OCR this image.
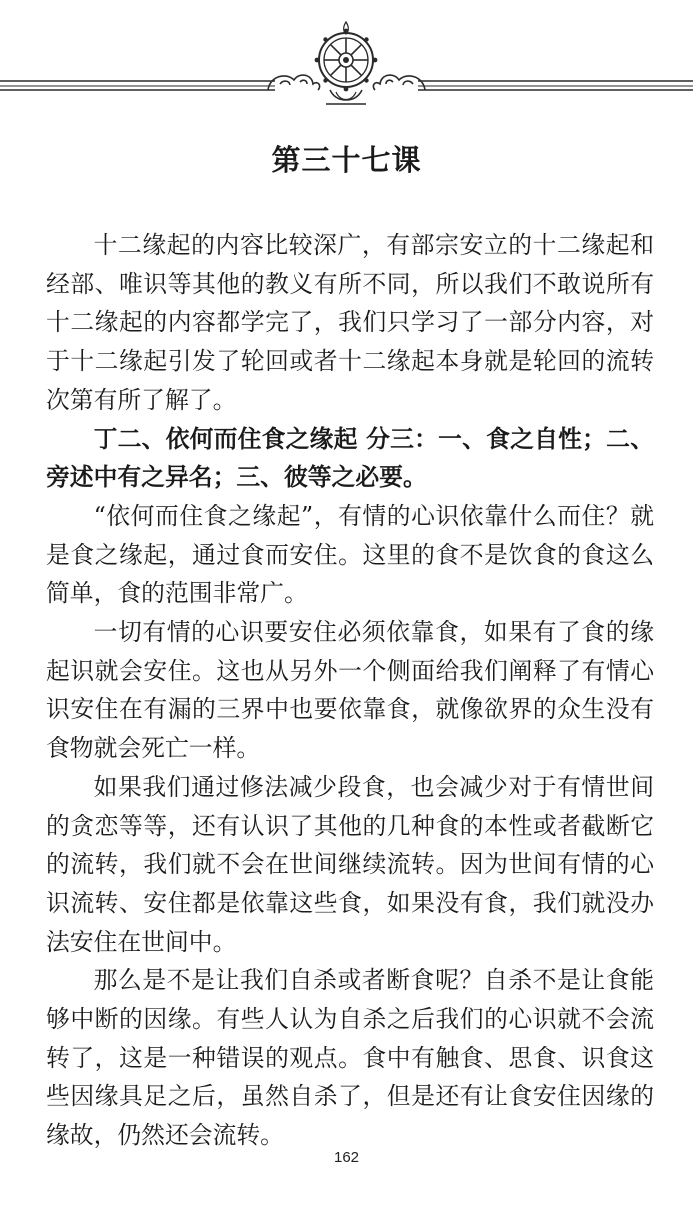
第三十七课

十二缘起的内容比较深广，有部宗安立的十二缘起和经部、唯识等其他的教义有所不同，所以我们不敢说所有十二缘起的内容都学完了，我们只学习了一部分内容，对于十二缘起引发了轮回或者十二缘起本身就是轮回的流转次第有所了解了。

丁二、依何而住食之缘起 分三：一、食之自性；二、旁述中有之异名；三、彼等之必要。

“依何而住食之缘起”，有情的心识依靠什么而住？就是食之缘起，通过食而安住。这里的食不是饮食的食这么简单，食的范围非常广。

一切有情的心识要安住必须依靠食，如果有了食的缘起识就会安住。这也从另外一个侧面给我们阐释了有情心识安住在有漏的三界中也要依靠食，就像欲界的众生没有食物就会死亡一样。

如果我们通过修法减少段食，也会减少对于有情世间的贪恋等等，还有认识了其他的几种食的本性或者截断它的流转，我们就不会在世间继续流转。因为世间有情的心识流转、安住都是依靠这些食，如果没有食，我们就没办法安住在世间中。

那么是不是让我们自杀或者断食呢？自杀不是让食能够中断的因缘。有些人认为自杀之后我们的心识就不会流转了，这是一种错误的观点。食中有触食、思食、识食这些因缘具足之后，虽然自杀了，但是还有让食安住因缘的缘故，仍然还会流转。

162
